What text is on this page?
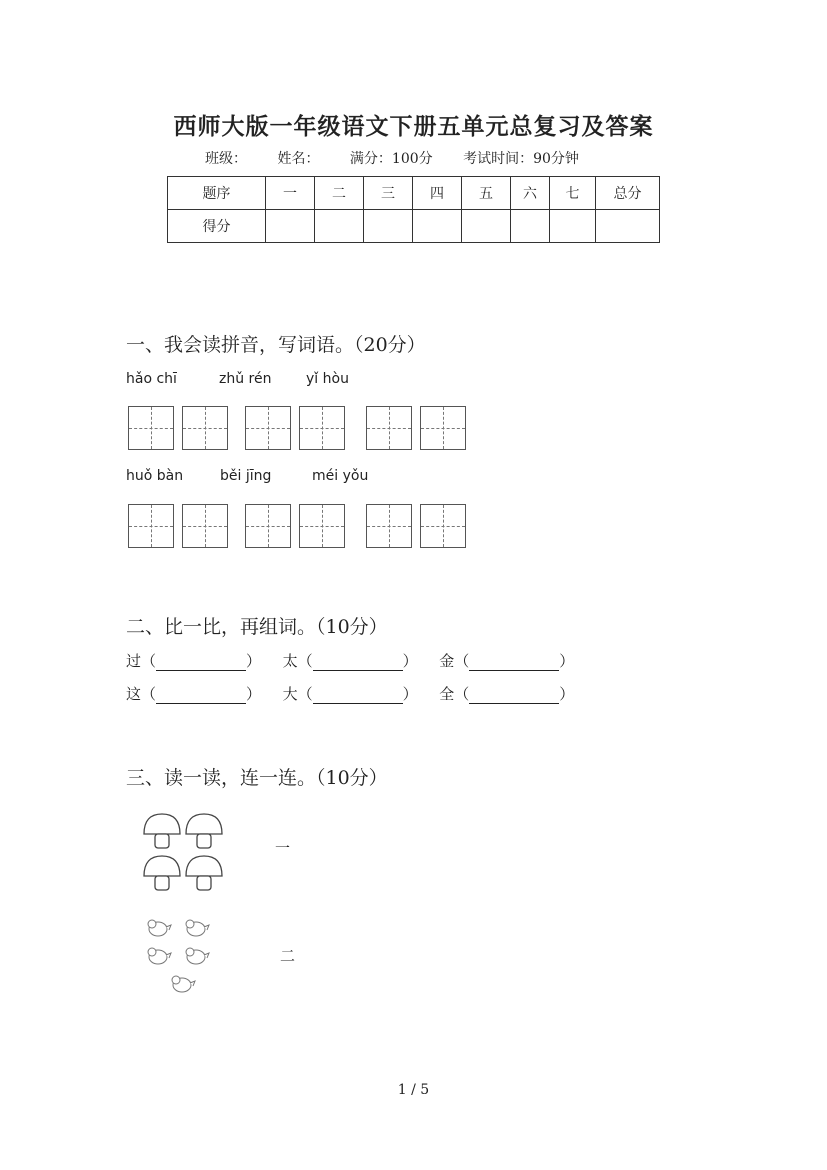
西师大版一年级语文下册五单元总复习及答案
班级： 姓名： 满分：100分 考试时间：90分钟
题序	一	二	三	四	五	六	七	总分
得分								
一、我会读拼音，写词语。（20分）
hǎo chī	zhǔ rén yǐ hòu
huǒ bàn	běi jīng	méi yǒu
二、比一比，再组词。（10分）
过（	） 太（	） 金（	）
这（	） 大（	） 全（	）
三、读一读，连一连。（10分）
一
二
1 / 5
